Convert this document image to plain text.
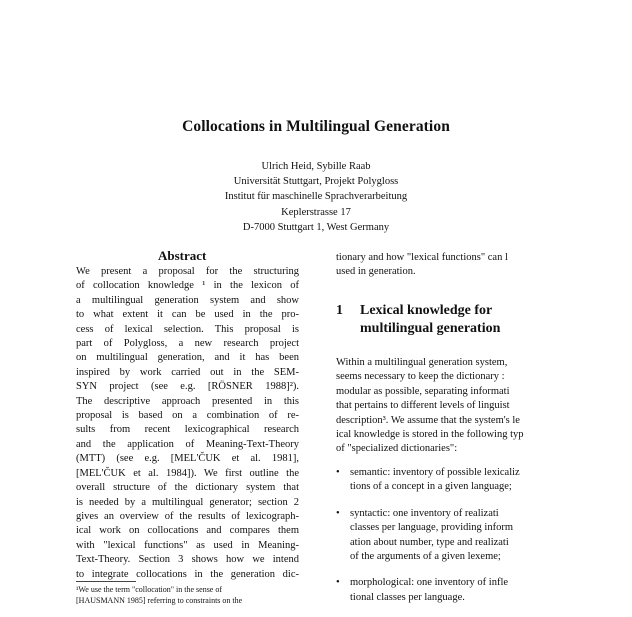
Collocations in Multilingual Generation
Ulrich Heid, Sybille Raab
Universität Stuttgart, Projekt Polygloss
Institut für maschinelle Sprachverarbeitung
Keplerstrasse 17
D-7000 Stuttgart 1, West Germany
Abstract
We present a proposal for the structuring
of collocation knowledge ¹ in the lexicon of
a multilingual generation system and show
to what extent it can be used in the pro-
cess of lexical selection. This proposal is
part of Polygloss, a new research project
on multilingual generation, and it has been
inspired by work carried out in the SEM-
SYN project (see e.g. [RÖSNER 1988]²).
The descriptive approach presented in this
proposal is based on a combination of re-
sults from recent lexicographical research
and the application of Meaning-Text-Theory
(MTT) (see e.g. [MEL'ČUK et al. 1981],
[MEL'ČUK et al. 1984]). We first outline the
overall structure of the dictionary system that
is needed by a multilingual generator; section 2
gives an overview of the results of lexicograph-
ical work on collocations and compares them
with "lexical functions" as used in Meaning-
Text-Theory. Section 3 shows how we intend
to integrate collocations in the generation dic-
¹We use the term "collocation" in the sense of
[HAUSMANN 1985] referring to constraints on the
tionary and how "lexical functions" can l
used in generation.
1 Lexical knowledge for
multilingual generation
Within a multilingual generation system,
seems necessary to keep the dictionary :
modular as possible, separating informati
that pertains to different levels of linguist
description³. We assume that the system's le
ical knowledge is stored in the following typ
of "specialized dictionaries":
• semantic: inventory of possible lexicaliz
tions of a concept in a given language;
• syntactic: one inventory of realizati
classes per language, providing inform
ation about number, type and realizati
of the arguments of a given lexeme;
• morphological: one inventory of infle
tional classes per language.
